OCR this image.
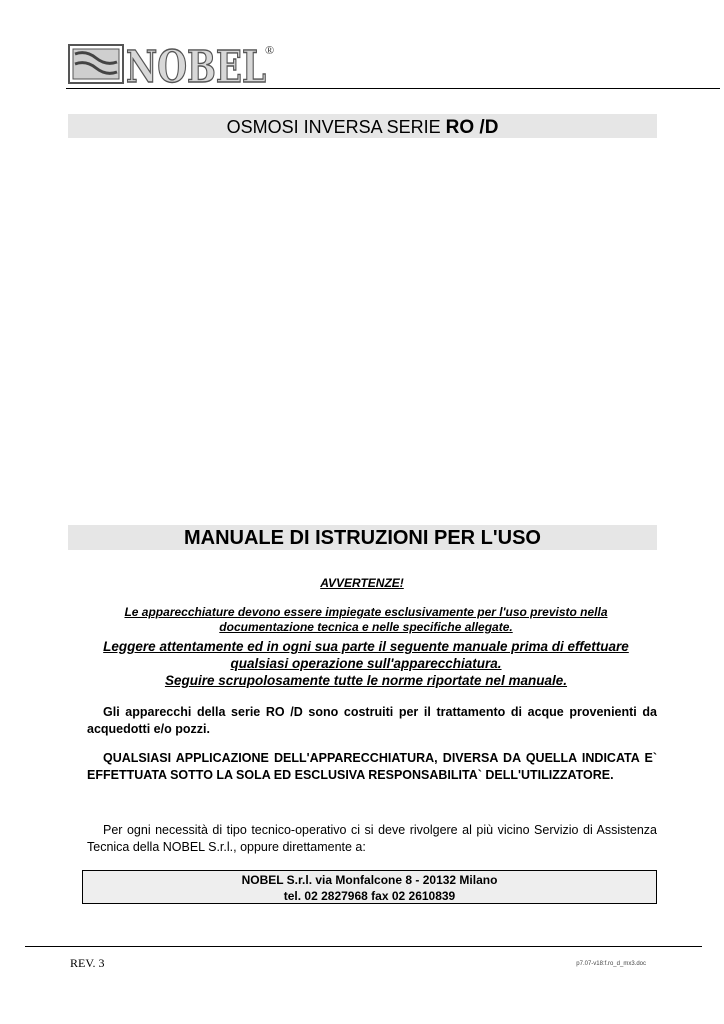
NOBEL ®
OSMOSI INVERSA SERIE RO /D
MANUALE DI ISTRUZIONI PER L'USO
AVVERTENZE!
Le apparecchiature devono essere impiegate esclusivamente per l'uso previsto nella documentazione tecnica e nelle specifiche allegate.
Leggere attentamente ed in ogni sua parte il seguente manuale prima di effettuare qualsiasi operazione sull'apparecchiatura.
Seguire scrupolosamente tutte le norme riportate nel manuale.
Gli apparecchi della serie RO /D sono costruiti per il trattamento di acque provenienti da acquedotti e/o pozzi.
QUALSIASI APPLICAZIONE DELL'APPARECCHIATURA, DIVERSA DA QUELLA INDICATA E` EFFETTUATA SOTTO LA SOLA ED ESCLUSIVA RESPONSABILITA` DELL'UTILIZZATORE.
Per ogni necessità di tipo tecnico-operativo ci si deve rivolgere al più vicino Servizio di Assistenza Tecnica della NOBEL S.r.l., oppure direttamente a:
NOBEL S.r.l. via Monfalcone 8 - 20132 Milano
tel. 02 2827968 fax 02 2610839
REV. 3	p7.07-v18:f.ro_d_mx3.doc
